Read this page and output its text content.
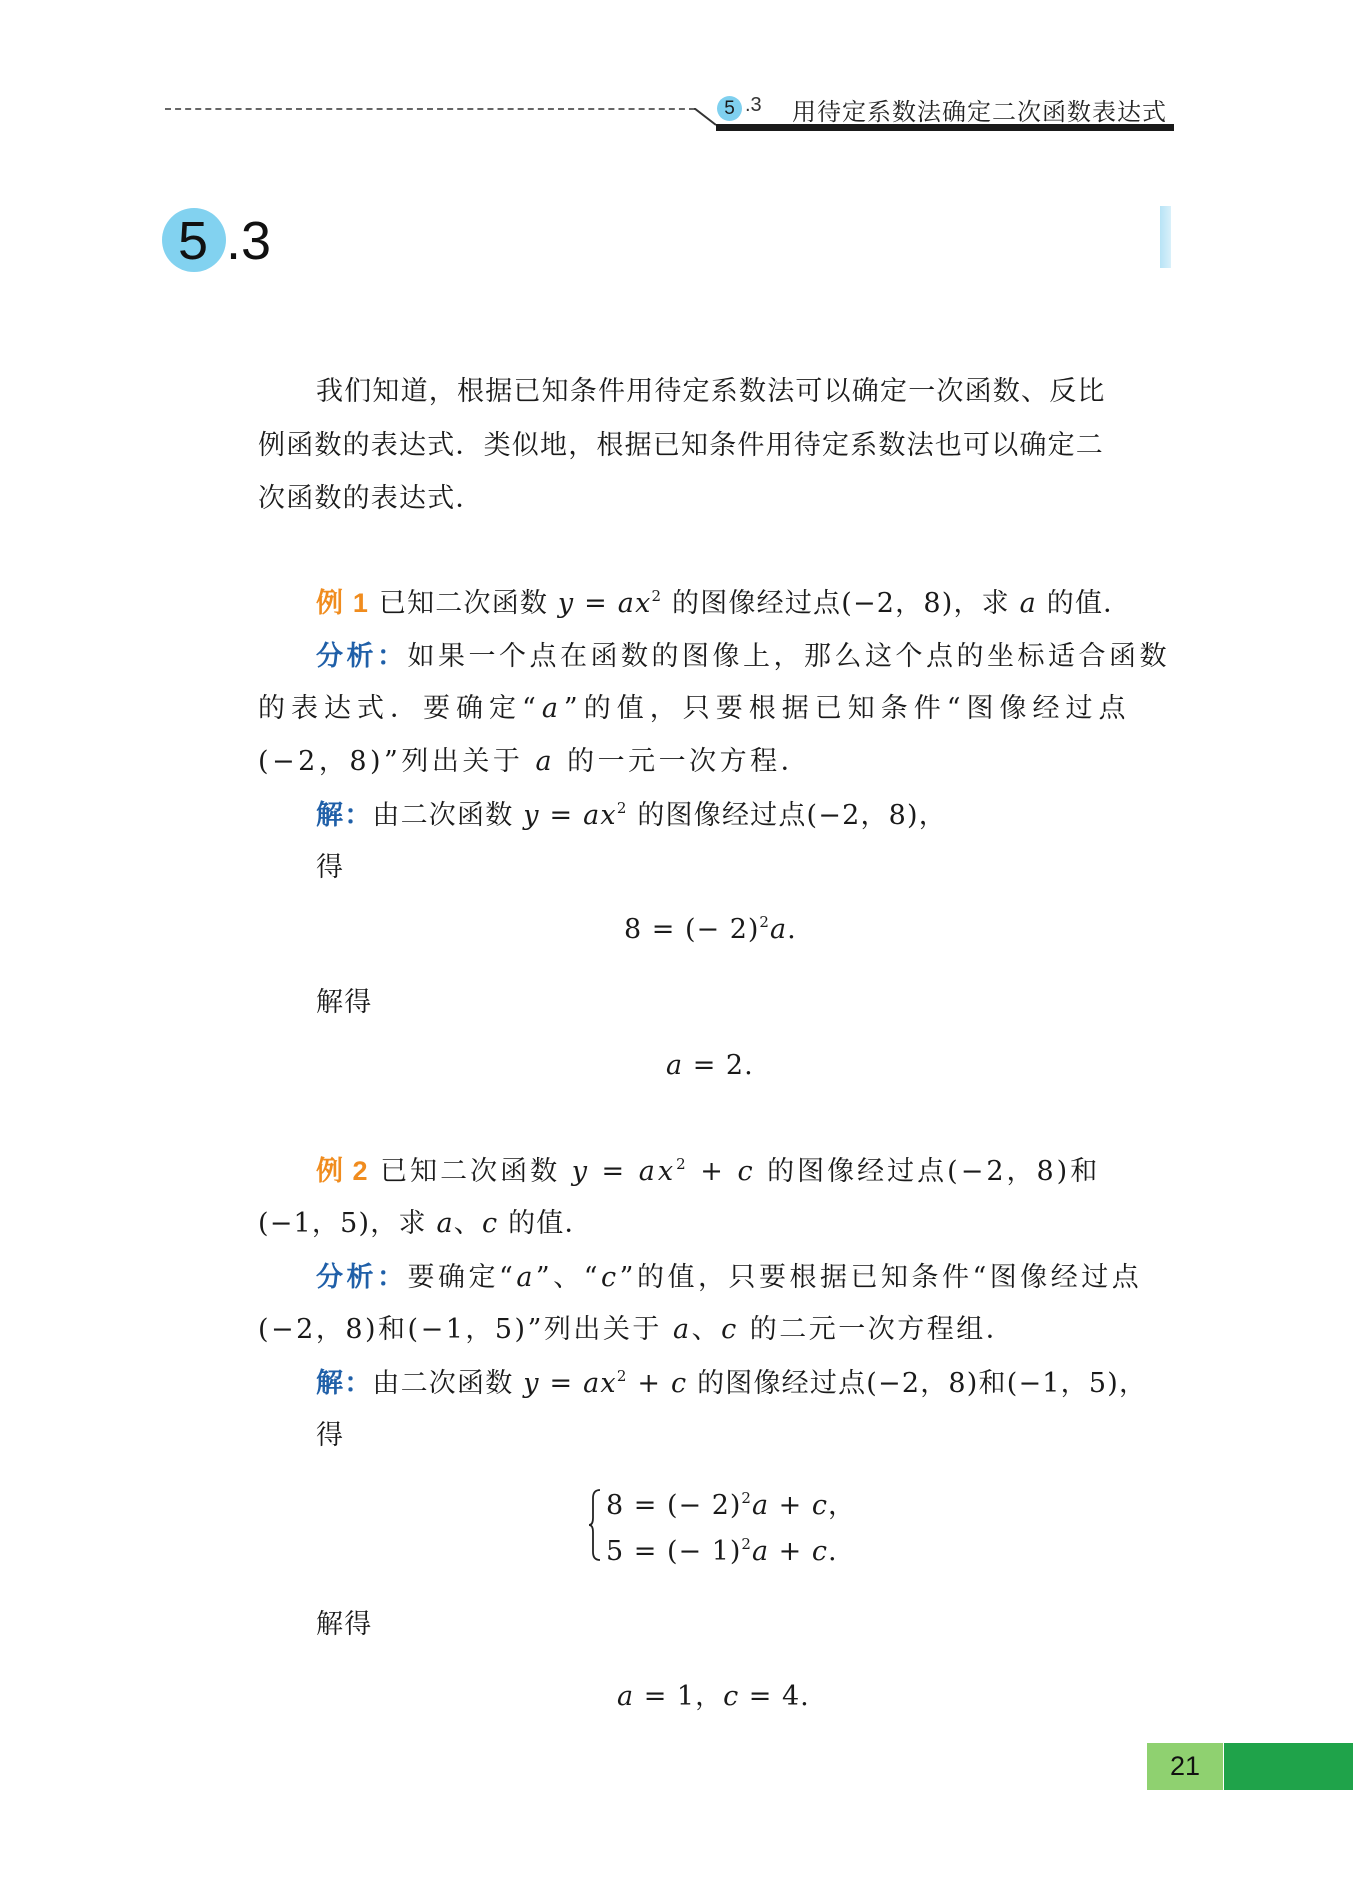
5 .3 用待定系数法确定二次函数表达式
5 .3
我们知道，根据已知条件用待定系数法可以确定一次函数、反比
例函数的表达式．类似地，根据已知条件用待定系数法也可以确定二
次函数的表达式．
例 1 已知二次函数 $y = ax^2$ 的图像经过点(−2，8)，求 a 的值．
分析：如果一个点在函数的图像上，那么这个点的坐标适合函数
的表达式．要确定“a”的值，只要根据已知条件“图像经过点
(−2，8)”列出关于 a 的一元一次方程．
解：由二次函数 $y = ax^2$ 的图像经过点(−2，8)，
得
8 = (− 2)$^2$a.
解得
a = 2.
例 2 已知二次函数 $y = ax^2 + c$ 的图像经过点(−2，8)和
(−1，5)，求 a、c 的值．
分析：要确定“a”、“c”的值，只要根据已知条件“图像经过点
(−2，8)和(−1，5)”列出关于 a、c 的二元一次方程组．
解：由二次函数 $y = ax^2 + c$ 的图像经过点(−2，8)和(−1，5)，
得
8 = (− 2)$^2$a + c，
5 = (− 1)$^2$a + c.
解得
a = 1，c = 4.
21
